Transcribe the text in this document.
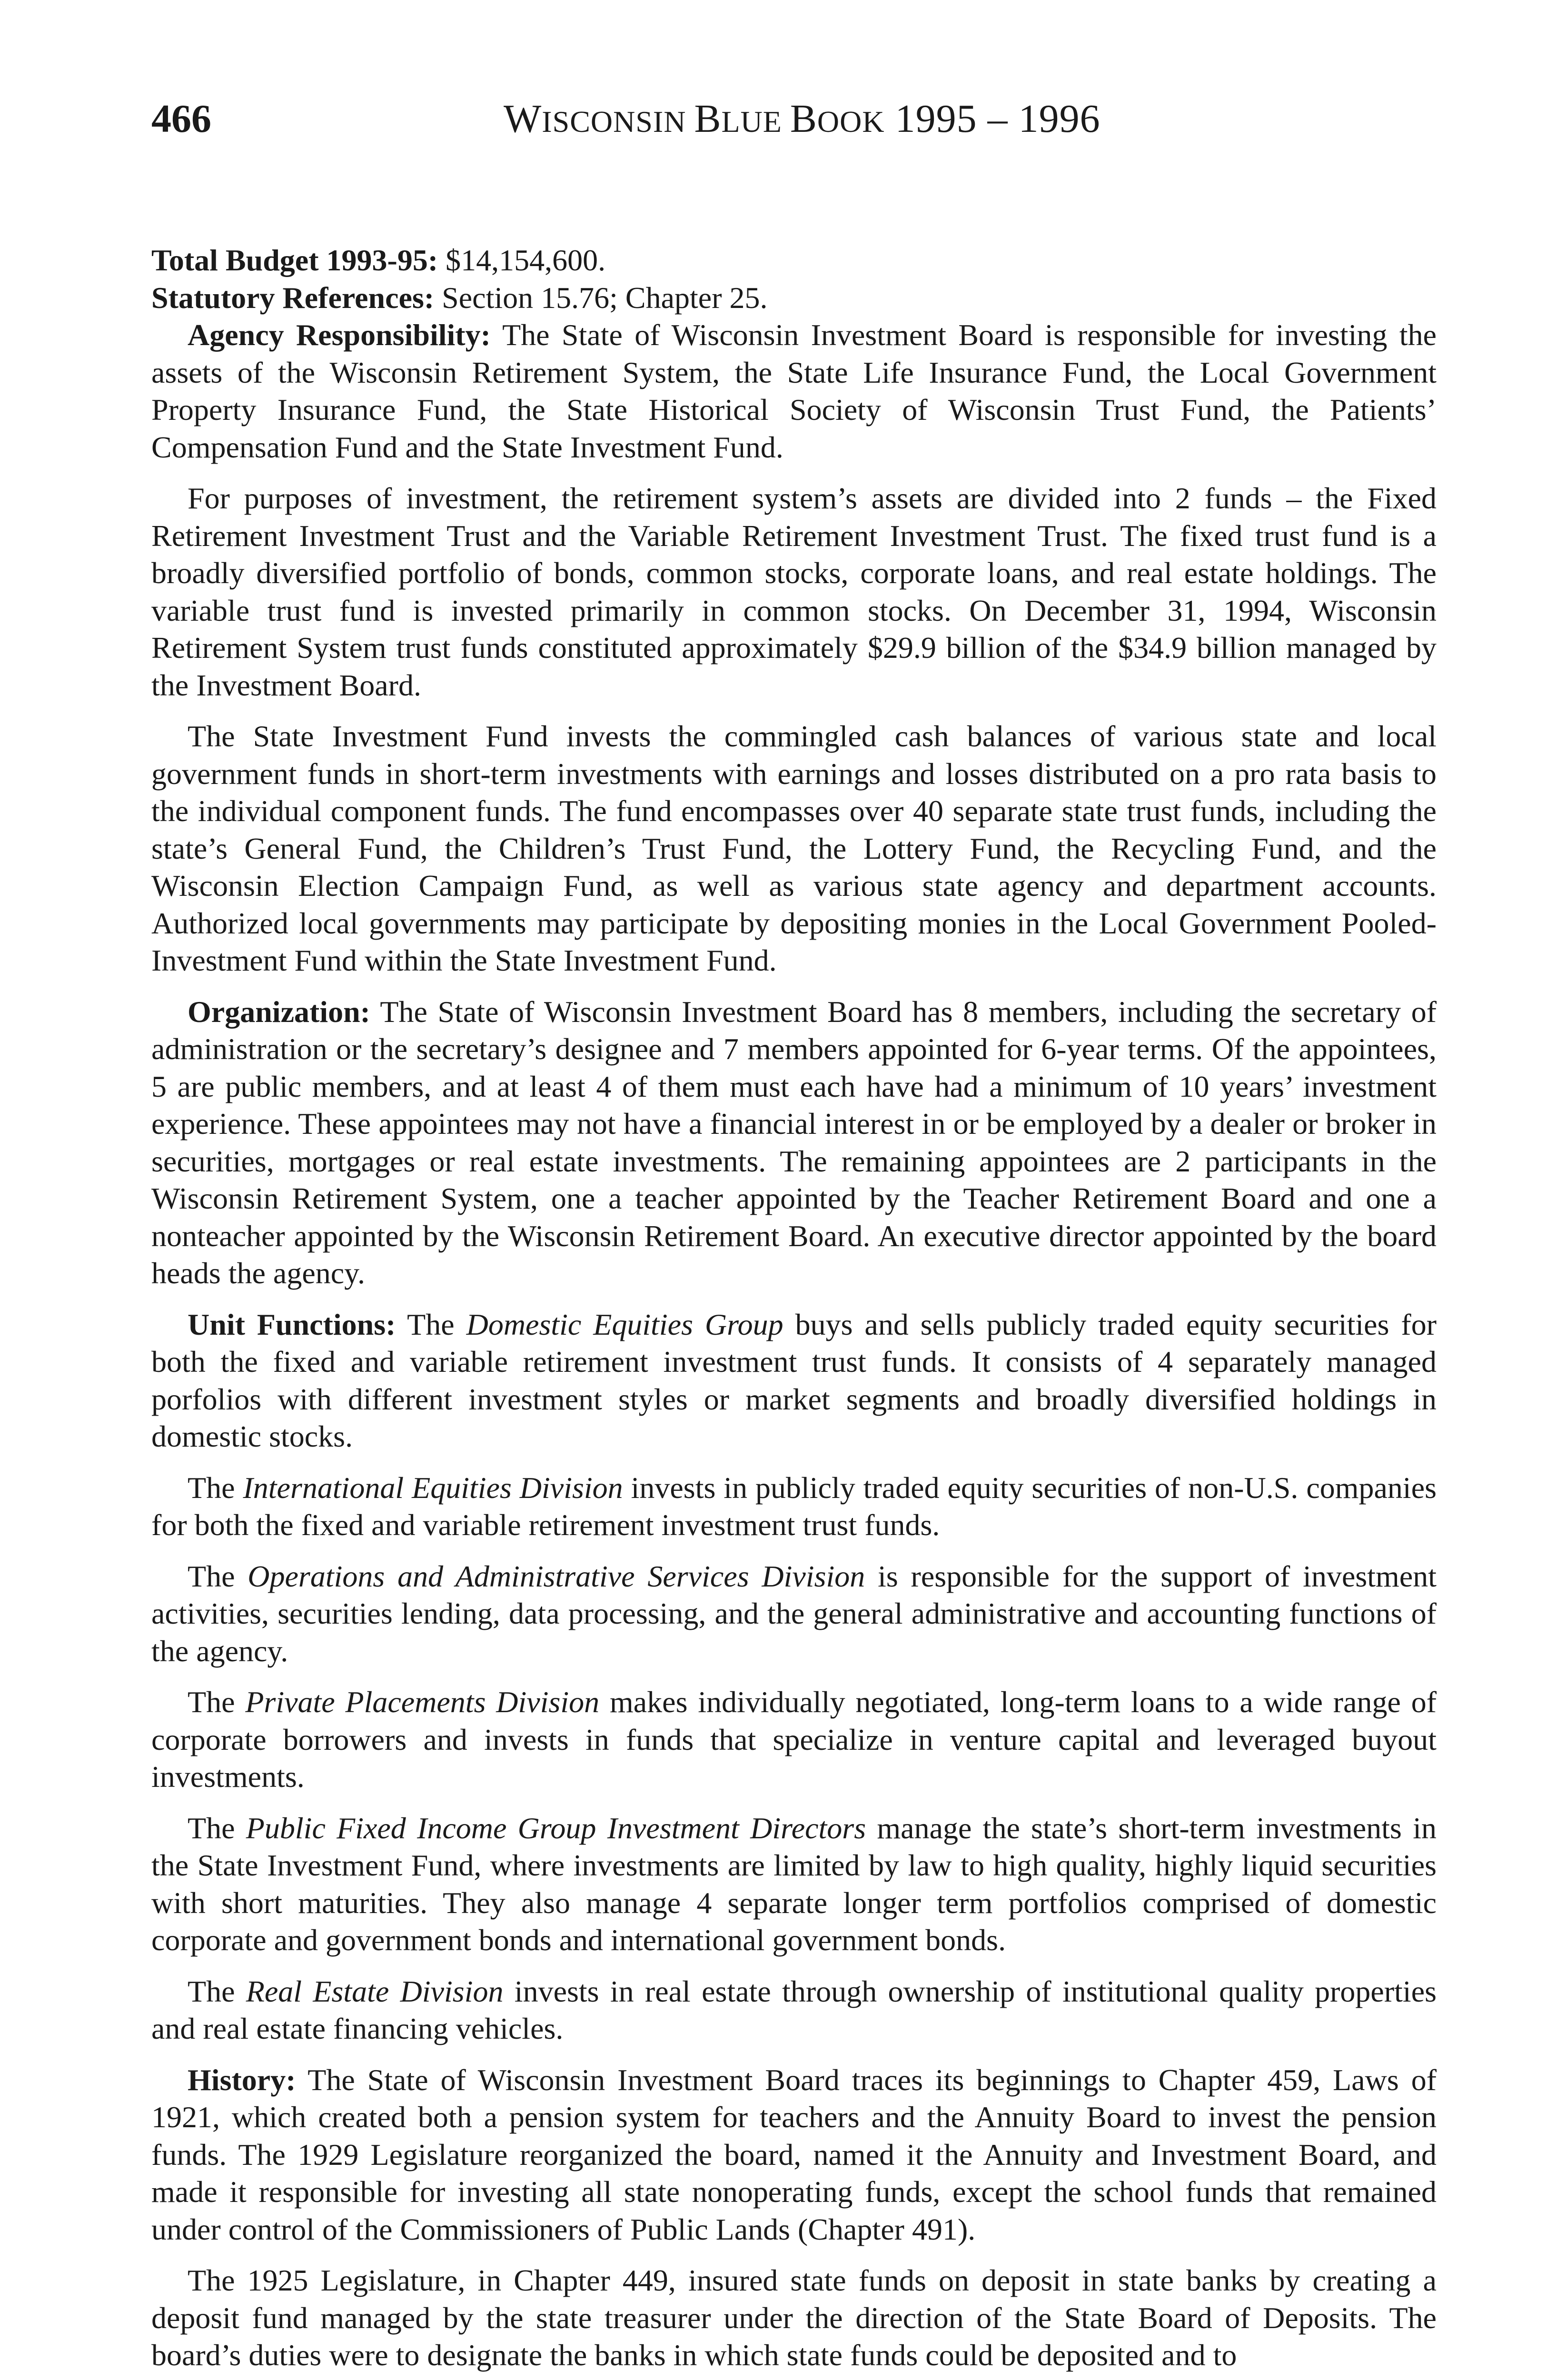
466	WISCONSIN BLUE BOOK 1995 – 1996

Total Budget 1993-95: $14,154,600.

Statutory References: Section 15.76; Chapter 25.

Agency Responsibility: The State of Wisconsin Investment Board is responsible for investing the assets of the Wisconsin Retirement System, the State Life Insurance Fund, the Local Government Property Insurance Fund, the State Historical Society of Wisconsin Trust Fund, the Patients’ Compensation Fund and the State Investment Fund.

For purposes of investment, the retirement system’s assets are divided into 2 funds – the Fixed Retirement Investment Trust and the Variable Retirement Investment Trust. The fixed trust fund is a broadly diversified portfolio of bonds, common stocks, corporate loans, and real estate holdings. The variable trust fund is invested primarily in common stocks. On December 31, 1994, Wisconsin Retirement System trust funds constituted approximately $29.9 billion of the $34.9 billion managed by the Investment Board.

The State Investment Fund invests the commingled cash balances of various state and local government funds in short-term investments with earnings and losses distributed on a pro rata basis to the individual component funds. The fund encompasses over 40 separate state trust funds, including the state’s General Fund, the Children’s Trust Fund, the Lottery Fund, the Recycling Fund, and the Wisconsin Election Campaign Fund, as well as various state agency and department accounts. Authorized local governments may participate by depositing monies in the Local Government Pooled-Investment Fund within the State Investment Fund.

Organization: The State of Wisconsin Investment Board has 8 members, including the secretary of administration or the secretary’s designee and 7 members appointed for 6-year terms. Of the appointees, 5 are public members, and at least 4 of them must each have had a minimum of 10 years’ investment experience. These appointees may not have a financial interest in or be employed by a dealer or broker in securities, mortgages or real estate investments. The remaining appointees are 2 participants in the Wisconsin Retirement System, one a teacher appointed by the Teacher Retirement Board and one a nonteacher appointed by the Wisconsin Retirement Board. An executive director appointed by the board heads the agency.

Unit Functions: The Domestic Equities Group buys and sells publicly traded equity securities for both the fixed and variable retirement investment trust funds. It consists of 4 separately managed porfolios with different investment styles or market segments and broadly diversified holdings in domestic stocks.

The International Equities Division invests in publicly traded equity securities of non-U.S. companies for both the fixed and variable retirement investment trust funds.

The Operations and Administrative Services Division is responsible for the support of investment activities, securities lending, data processing, and the general administrative and accounting functions of the agency.

The Private Placements Division makes individually negotiated, long-term loans to a wide range of corporate borrowers and invests in funds that specialize in venture capital and leveraged buyout investments.

The Public Fixed Income Group Investment Directors manage the state’s short-term investments in the State Investment Fund, where investments are limited by law to high quality, highly liquid securities with short maturities. They also manage 4 separate longer term portfolios comprised of domestic corporate and government bonds and international government bonds.

The Real Estate Division invests in real estate through ownership of institutional quality properties and real estate financing vehicles.

History: The State of Wisconsin Investment Board traces its beginnings to Chapter 459, Laws of 1921, which created both a pension system for teachers and the Annuity Board to invest the pension funds. The 1929 Legislature reorganized the board, named it the Annuity and Investment Board, and made it responsible for investing all state nonoperating funds, except the school funds that remained under control of the Commissioners of Public Lands (Chapter 491).

The 1925 Legislature, in Chapter 449, insured state funds on deposit in state banks by creating a deposit fund managed by the state treasurer under the direction of the State Board of Deposits. The board’s duties were to designate the banks in which state funds could be deposited and to
